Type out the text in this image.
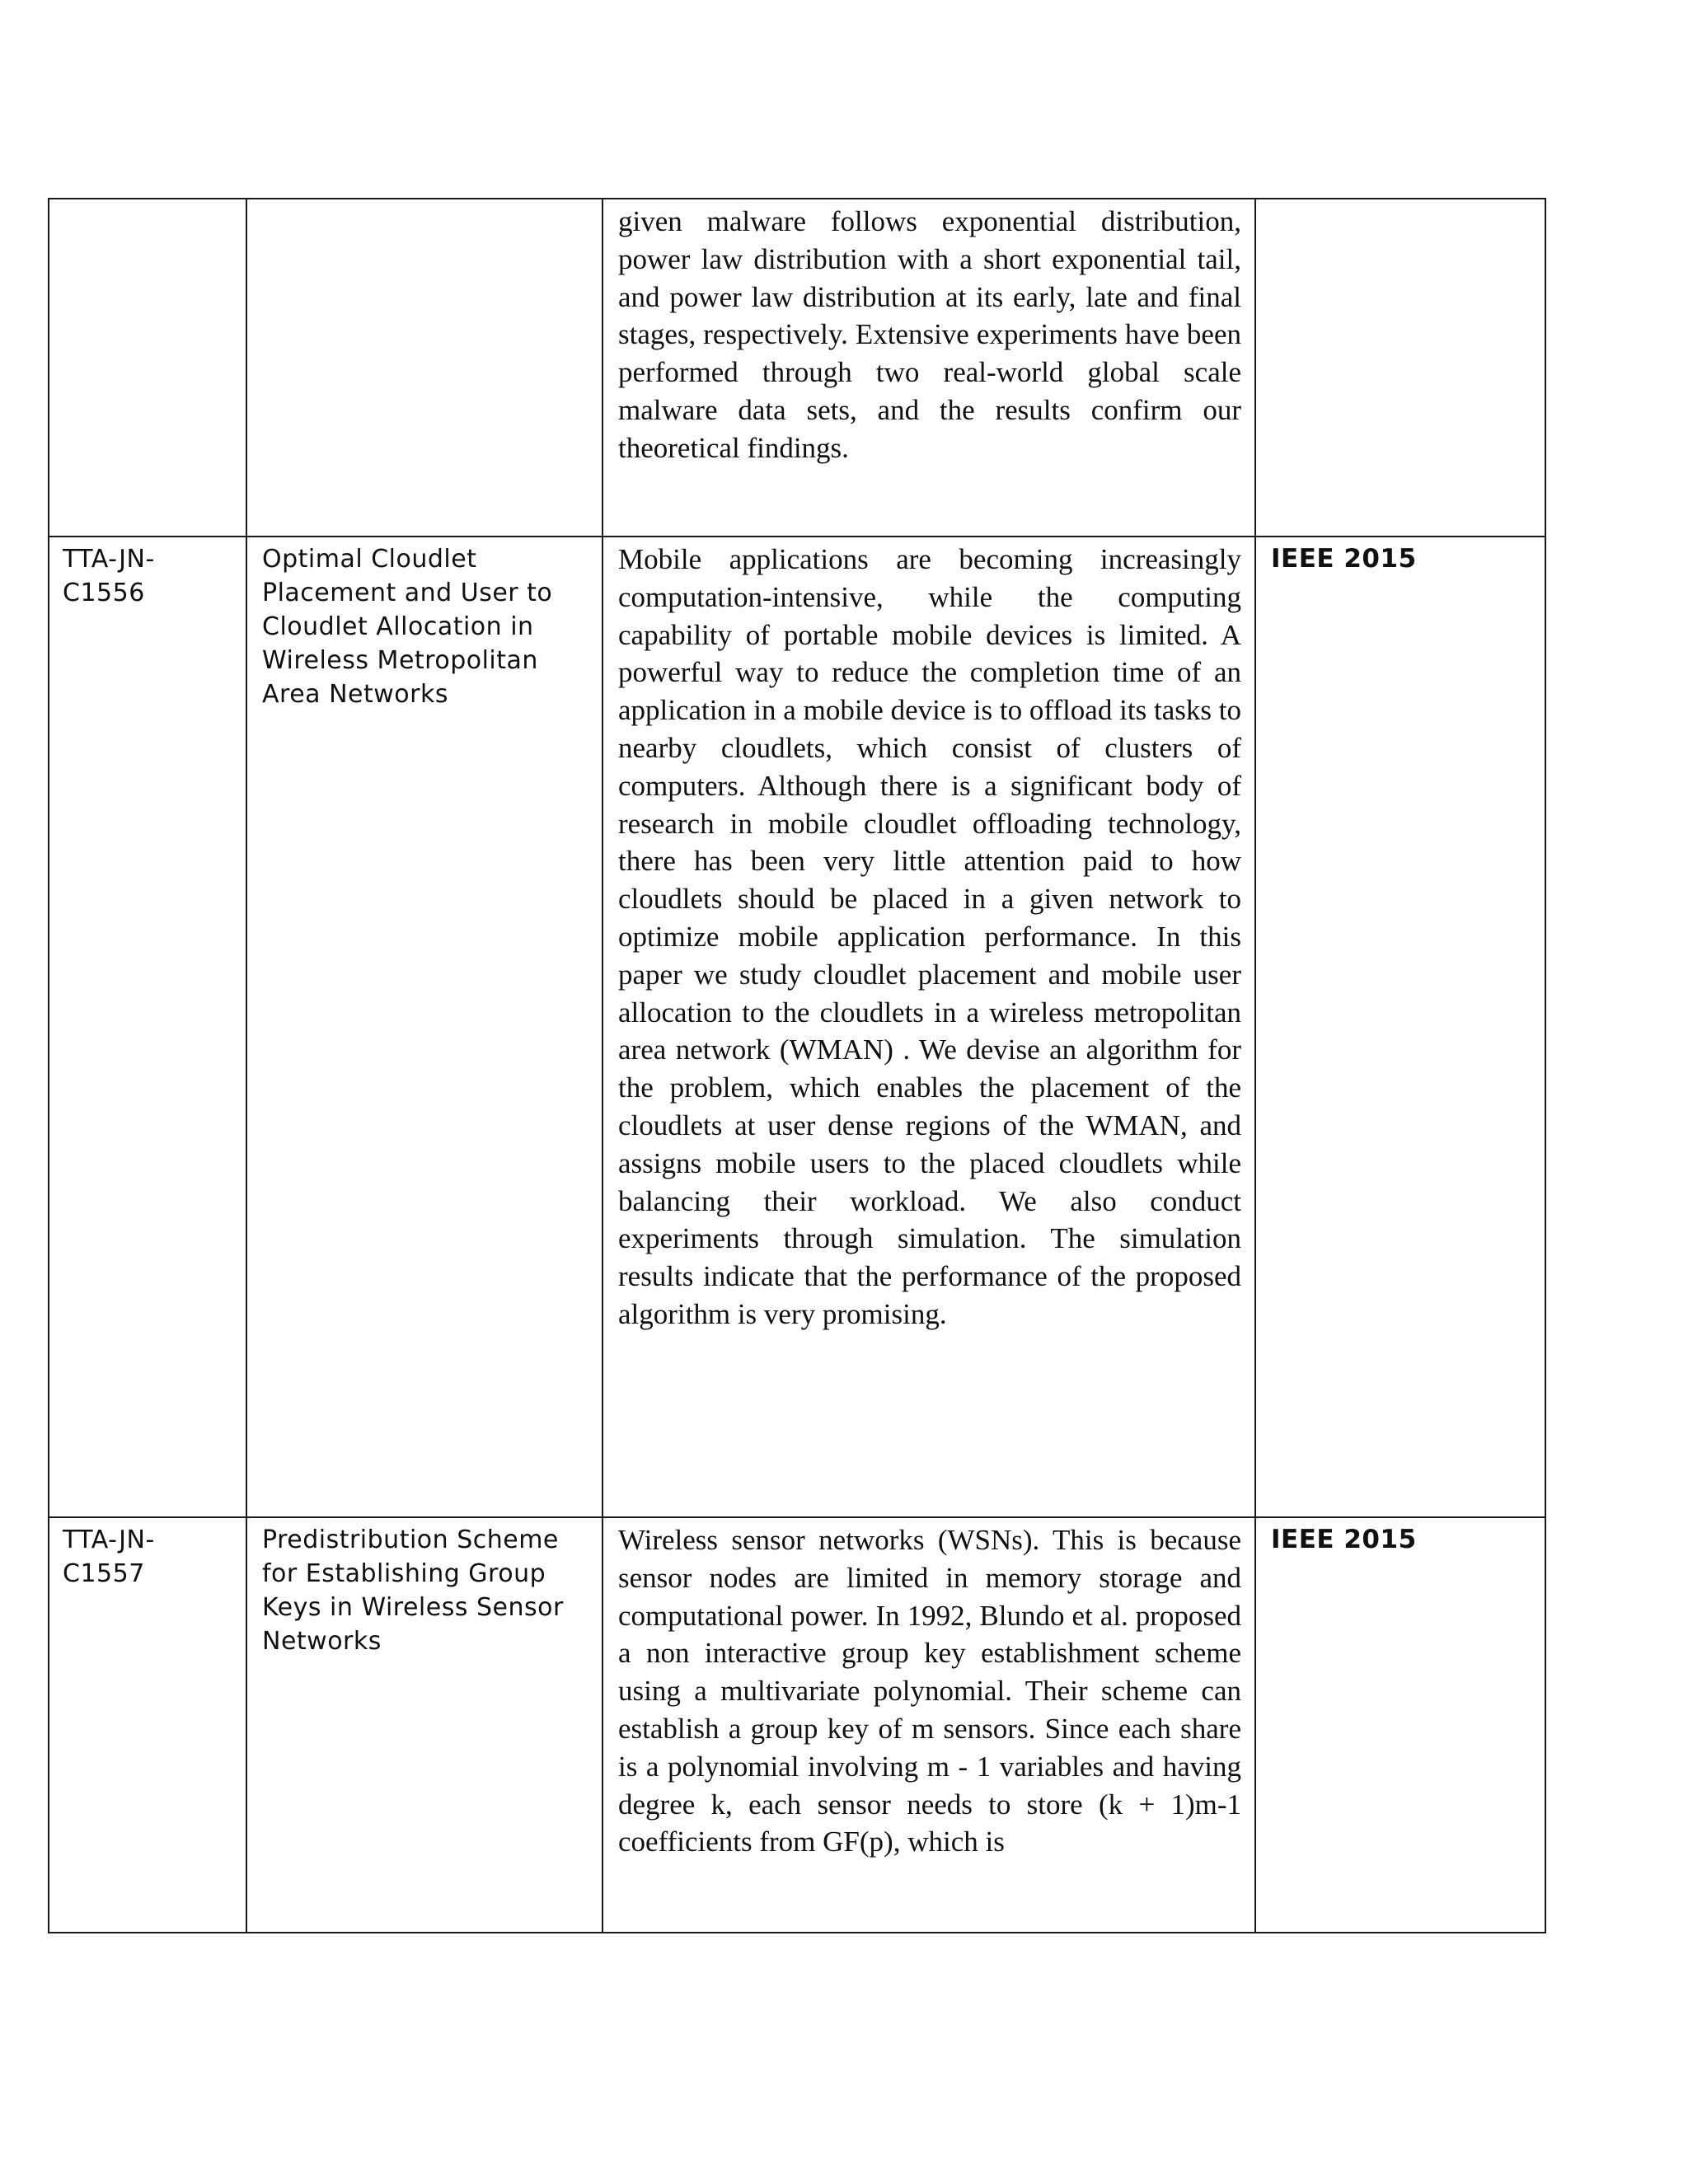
		given malware follows exponential distribution, power law distribution with a short exponential tail, and power law distribution at its early, late and final stages, respectively. Extensive experiments have been performed through two real-world global scale malware data sets, and the results confirm our theoretical findings.	

TTA-JN-C1556	Optimal Cloudlet Placement and User to Cloudlet Allocation in Wireless Metropolitan Area Networks	Mobile applications are becoming increasingly computation-intensive, while the computing capability of portable mobile devices is limited. A powerful way to reduce the completion time of an application in a mobile device is to offload its tasks to nearby cloudlets, which consist of clusters of computers. Although there is a significant body of research in mobile cloudlet offloading technology, there has been very little attention paid to how cloudlets should be placed in a given network to optimize mobile application performance. In this paper we study cloudlet placement and mobile user allocation to the cloudlets in a wireless metropolitan area network (WMAN) . We devise an algorithm for the problem, which enables the placement of the cloudlets at user dense regions of the WMAN, and assigns mobile users to the placed cloudlets while balancing their workload. We also conduct experiments through simulation. The simulation results indicate that the performance of the proposed algorithm is very promising.	IEEE 2015
TTA-JN-C1557	Predistribution Scheme for Establishing Group Keys in Wireless Sensor Networks	Wireless sensor networks (WSNs). This is because sensor nodes are limited in memory storage and computational power. In 1992, Blundo et al. proposed a non interactive group key establishment scheme using a multivariate polynomial. Their scheme can establish a group key of m sensors. Since each share is a polynomial involving m - 1 variables and having degree k, each sensor needs to store (k + 1)m-1 coefficients from GF(p), which is	IEEE 2015
